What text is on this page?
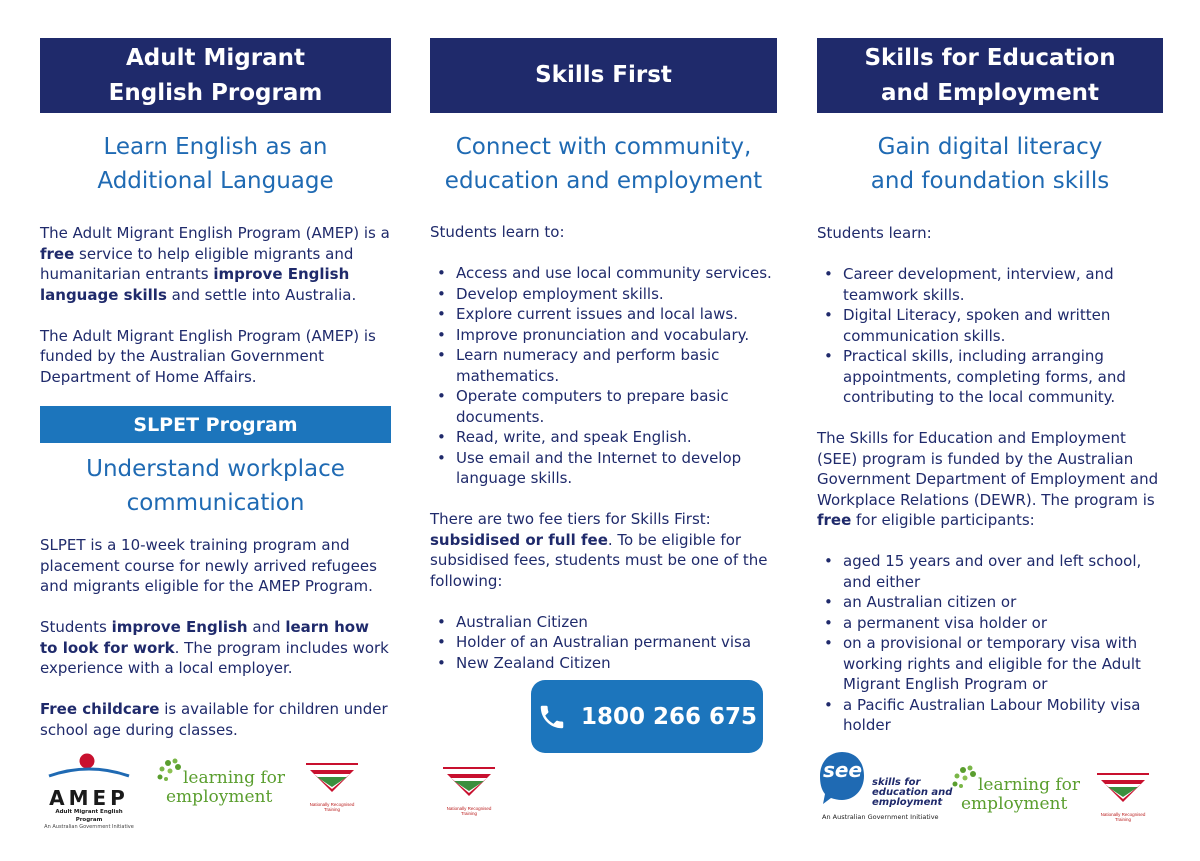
Adult Migrant
English Program
Learn English as an
Additional Language

The Adult Migrant English Program (AMEP) is a free service to help eligible migrants and humanitarian entrants improve English language skills and settle into Australia.

The Adult Migrant English Program (AMEP) is funded by the Australian Government Department of Home Affairs.

SLPET Program
Understand workplace
communication

SLPET is a 10-week training program and placement course for newly arrived refugees and migrants eligible for the AMEP Program.

Students improve English and learn how to look for work. The program includes work experience with a local employer.

Free childcare is available for children under school age during classes.

Skills First
Connect with community,
education and employment

Students learn to:

• Access and use local community services.
• Develop employment skills.
• Explore current issues and local laws.
• Improve pronunciation and vocabulary.
• Learn numeracy and perform basic mathematics.
• Operate computers to prepare basic documents.
• Read, write, and speak English.
• Use email and the Internet to develop language skills.

There are two fee tiers for Skills First: subsidised or full fee. To be eligible for subsidised fees, students must be one of the following:

• Australian Citizen
• Holder of an Australian permanent visa
• New Zealand Citizen
1800 266 675
Skills for Education
and Employment
Gain digital literacy
and foundation skills

Students learn:

• Career development, interview, and teamwork skills.
• Digital Literacy, spoken and written communication skills.
• Practical skills, including arranging appointments, completing forms, and contributing to the local community.

The Skills for Education and Employment (SEE) program is funded by the Australian Government Department of Employment and Workplace Relations (DEWR). The program is free for eligible participants:

• aged 15 years and over and left school, and either
• an Australian citizen or
• a permanent visa holder or
• on a provisional or temporary visa with working rights and eligible for the Adult Migrant English Program or
• a Pacific Australian Labour Mobility visa holder
AMEP
Adult Migrant English Program
An Australian Government Initiative
learning for
employment	Nationally Recognised
Training	Nationally Recognised
Training
see
skills for
education and
employment
An Australian Government Initiative
learning for
employment
Nationally Recognised
Training
